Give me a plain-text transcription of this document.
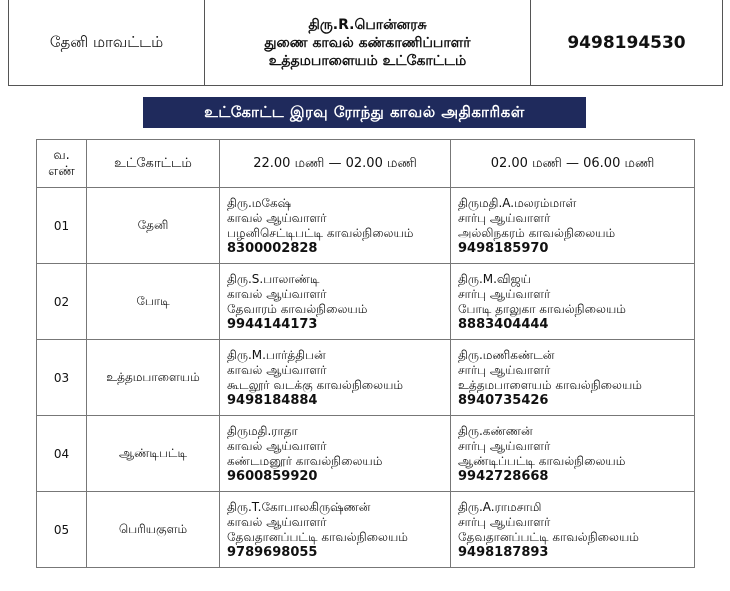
தேனி மாவட்டம்
திரு.R.பொன்னரசு
துணை காவல் கண்காணிப்பாளர்
உத்தமபாளையம் உட்கோட்டம்
9498194530
உட்கோட்ட இரவு ரோந்து காவல் அதிகாரிகள்
வ.
எண்	உட்கோட்டம்	22.00 மணி — 02.00 மணி	02.00 மணி — 06.00 மணி
01	தேனி	திரு.மகேஷ்
காவல் ஆய்வாளர்
பழனிசெட்டிபட்டி காவல்நிலையம்
8300002828	திருமதி.A.மலரம்மாள்
சார்பு ஆய்வாளர்
அல்லிநகரம் காவல்நிலையம்
9498185970

02	போடி	திரு.S.பாலாண்டி
காவல் ஆய்வாளர்
தேவாரம் காவல்நிலையம்
9944144173	திரு.M.விஜய்
சார்பு ஆய்வாளர்
போடி தாலுகா காவல்நிலையம்
8883404444

03	உத்தமபாளையம்	திரு.M.பார்த்திபன்
காவல் ஆய்வாளர்
கூடலூர் வடக்கு காவல்நிலையம்
9498184884	திரு.மணிகண்டன்
சார்பு ஆய்வாளர்
உத்தமபாளையம் காவல்நிலையம்
8940735426

04	ஆண்டிபட்டி	திருமதி.ராதா
காவல் ஆய்வாளர்
கண்டமனூர் காவல்நிலையம்
9600859920	திரு.கண்ணன்
சார்பு ஆய்வாளர்
ஆண்டிப்பட்டி காவல்நிலையம்
9942728668

05	பெரியகுளம்	திரு.T.கோபாலகிருஷ்ணன்
காவல் ஆய்வாளர்
தேவதானப்பட்டி காவல்நிலையம்
9789698055	திரு.A.ராமசாமி
சார்பு ஆய்வாளர்
தேவதானப்பட்டி காவல்நிலையம்
9498187893
